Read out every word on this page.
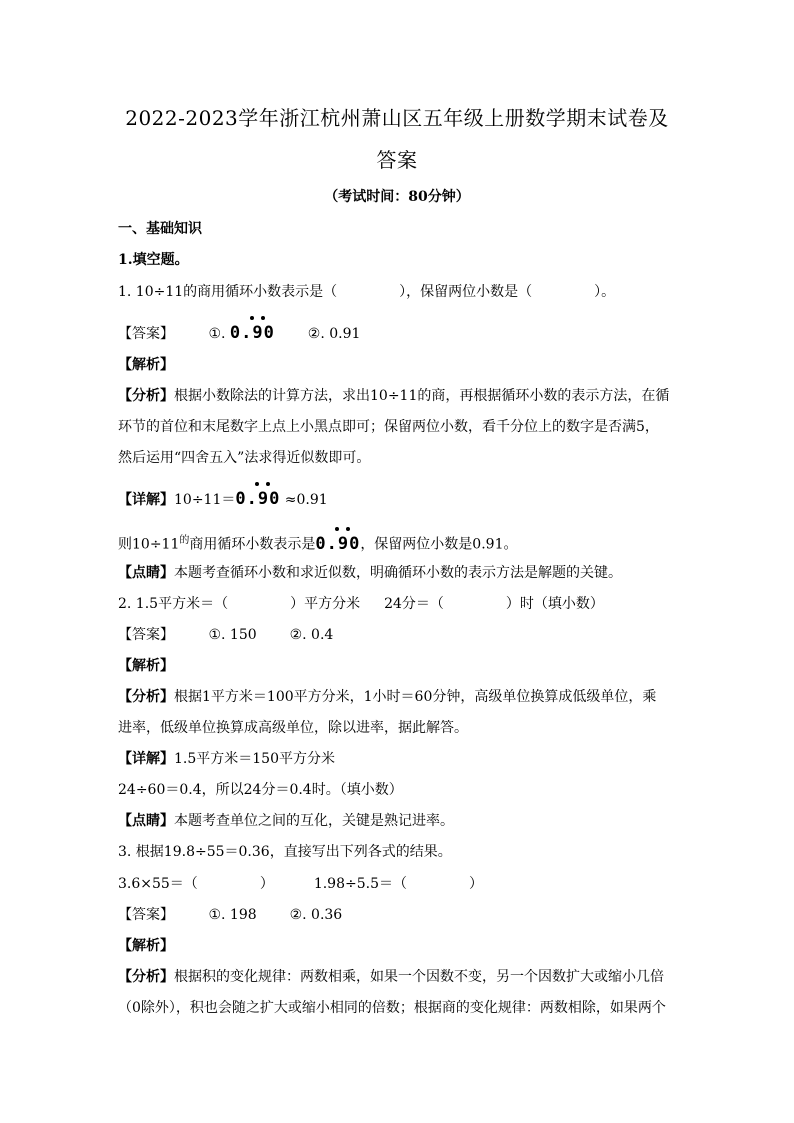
2022-2023学年浙江杭州萧山区五年级上册数学期末试卷及
答案
（考试时间：80分钟）
一、基础知识
1.填空题。
1. 10÷11的商用循环小数表示是（	），保留两位小数是（	）。
【答案】 ①. 0.90 ②. 0.91
【解析】
【分析】根据小数除法的计算方法，求出10÷11的商，再根据循环小数的表示方法，在循
环节的首位和末尾数字上点上小黑点即可；保留两位小数，看千分位上的数字是否满5，
然后运用“四舍五入”法求得近似数即可。
【详解】10÷11＝0.90 ≈0.91
则$10\div 11^的$商用循环小数表示是0.90
，保留两位小数是0.91。
【点睛】本题考查循环小数和求近似数，明确循环小数的表示方法是解题的关键。
2. 1.5平方米＝（	）平方分米 24分＝（	）时（填小数）
【答案】 ①. 150 ②. 0.4
【解析】
【分析】根据1平方米＝100平方分米，1小时＝60分钟，高级单位换算成低级单位，乘
进率，低级单位换算成高级单位，除以进率，据此解答。
【详解】1.5平方米＝150平方分米
24÷60＝0.4，所以24分＝0.4时。（填小数）
【点睛】本题考查单位之间的互化，关键是熟记进率。
3. 根据19.8÷55＝0.36，直接写出下列各式的结果。
3.6×55＝（	）	1.98÷5.5＝（	）
【答案】 ①. 198 ②. 0.36
【解析】
【分析】根据积的变化规律：两数相乘，如果一个因数不变，另一个因数扩大或缩小几倍
（0除外），积也会随之扩大或缩小相同的倍数；根据商的变化规律：两数相除，如果两个
